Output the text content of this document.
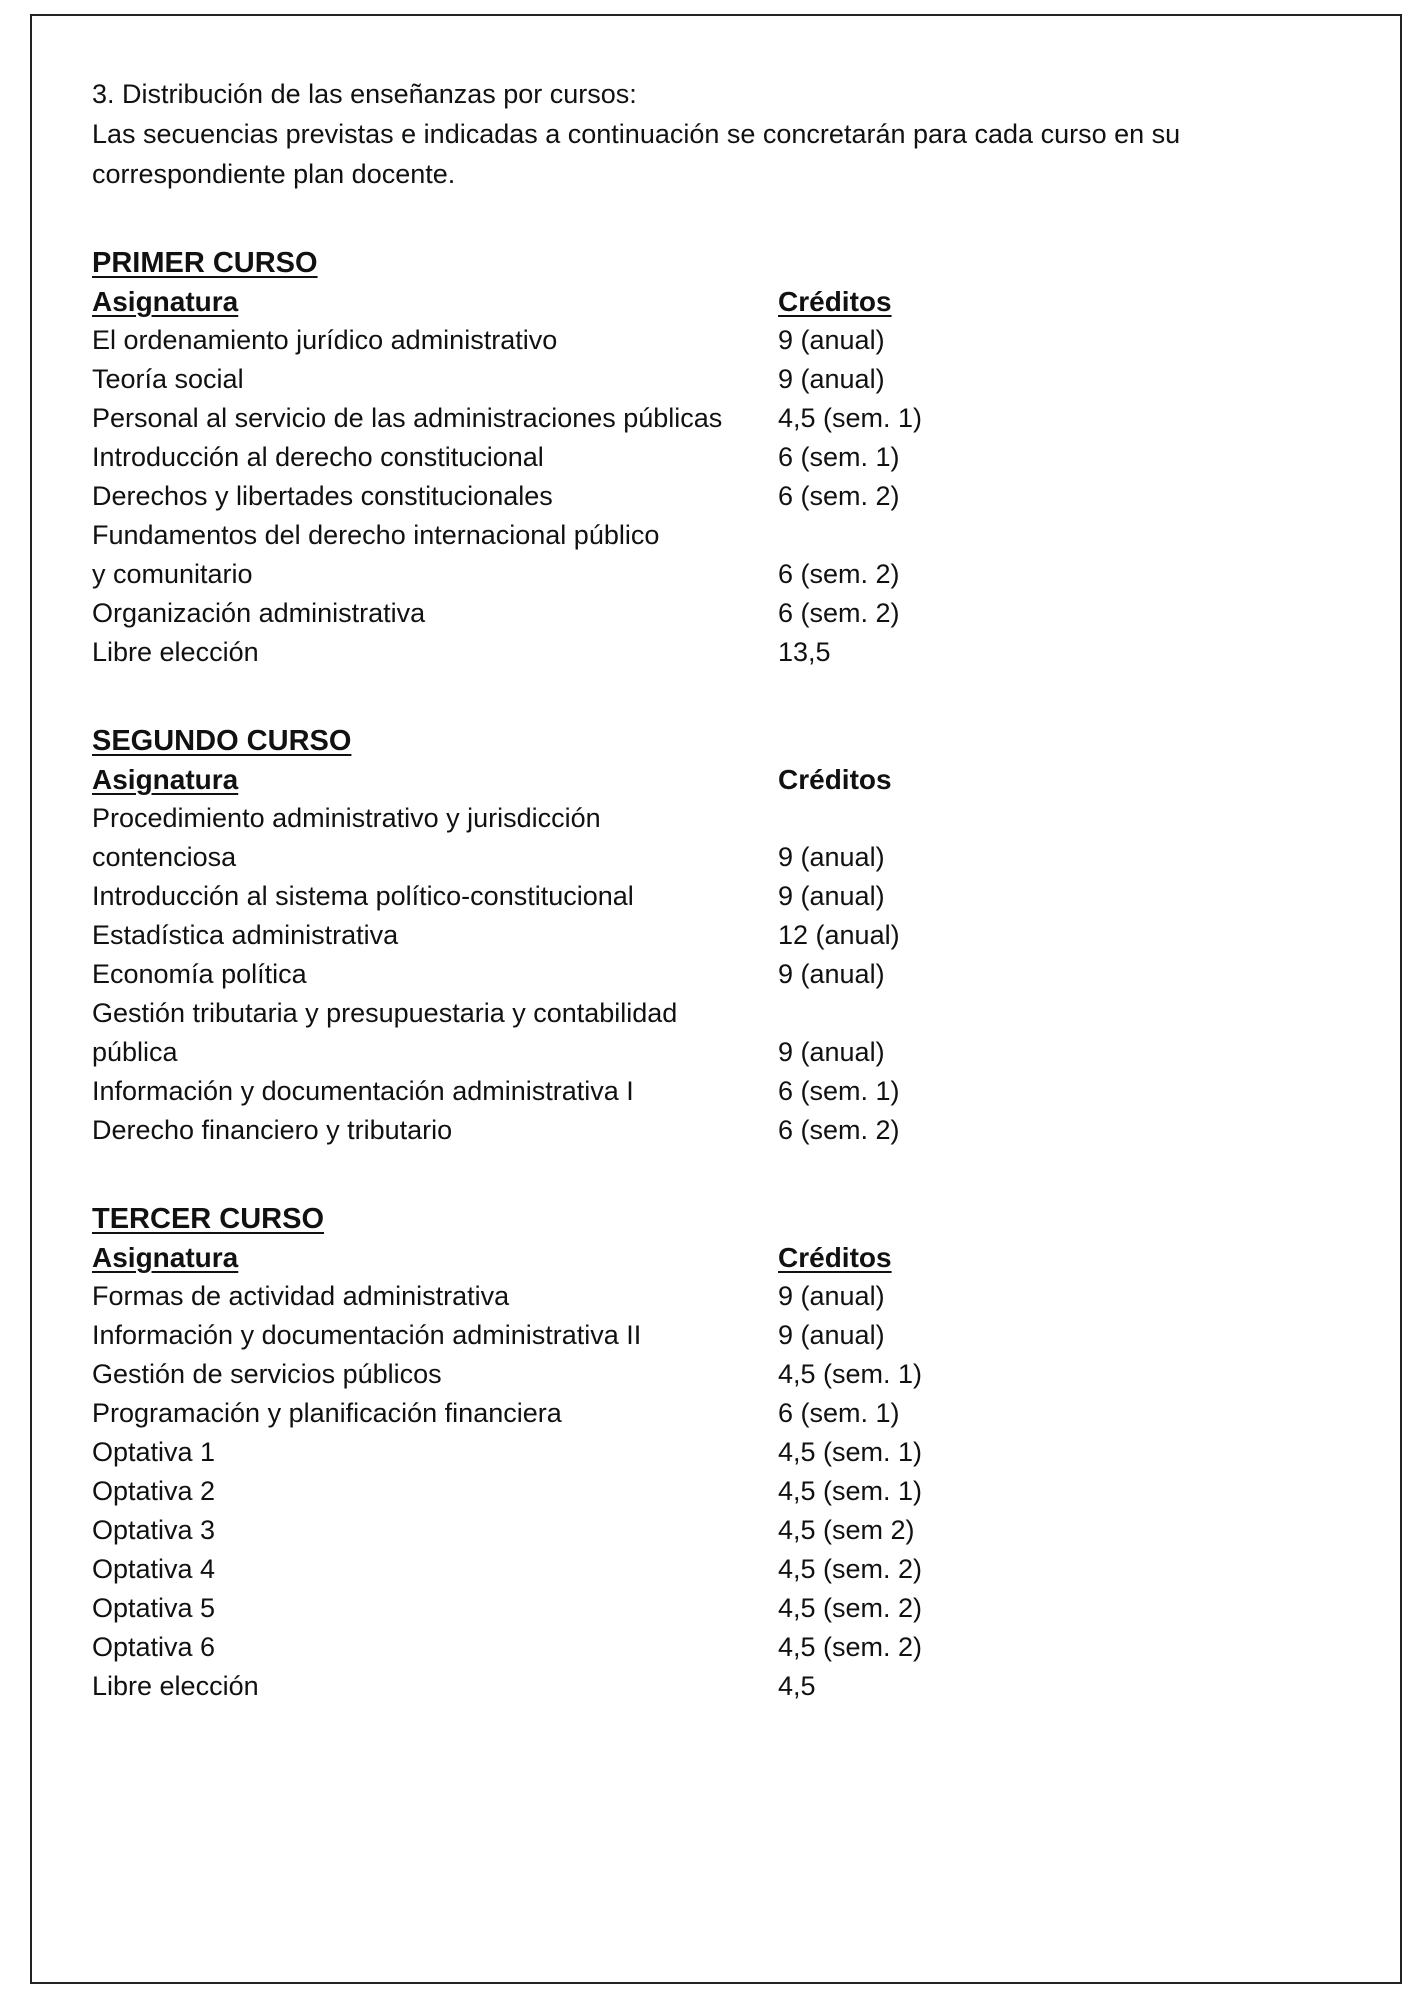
3. Distribución de las enseñanzas por cursos:

Las secuencias previstas e indicadas a continuación se concretarán para cada curso en su

correspondiente plan docente.

PRIMER CURSO
Asignatura	Créditos
El ordenamiento jurídico administrativo	9 (anual)
Teoría social	9 (anual)
Personal al servicio de las administraciones públicas	4,5 (sem. 1)
Introducción al derecho constitucional	6 (sem. 1)
Derechos y libertades constitucionales	6 (sem. 2)
Fundamentos del derecho internacional público
y comunitario	6 (sem. 2)
Organización administrativa	6 (sem. 2)
Libre elección	13,5
SEGUNDO CURSO
Asignatura	Créditos
Procedimiento administrativo y jurisdicción
contenciosa	9 (anual)
Introducción al sistema político-constitucional	9 (anual)
Estadística administrativa	12 (anual)
Economía política	9 (anual)
Gestión tributaria y presupuestaria y contabilidad
pública	9 (anual)
Información y documentación administrativa I	6 (sem. 1)
Derecho financiero y tributario	6 (sem. 2)
TERCER CURSO
Asignatura	Créditos
Formas de actividad administrativa	9 (anual)
Información y documentación administrativa II	9 (anual)
Gestión de servicios públicos	4,5 (sem. 1)
Programación y planificación financiera	6 (sem. 1)
Optativa 1	4,5 (sem. 1)
Optativa 2	4,5 (sem. 1)
Optativa 3	4,5 (sem 2)
Optativa 4	4,5 (sem. 2)
Optativa 5	4,5 (sem. 2)
Optativa 6	4,5 (sem. 2)
Libre elección	4,5
